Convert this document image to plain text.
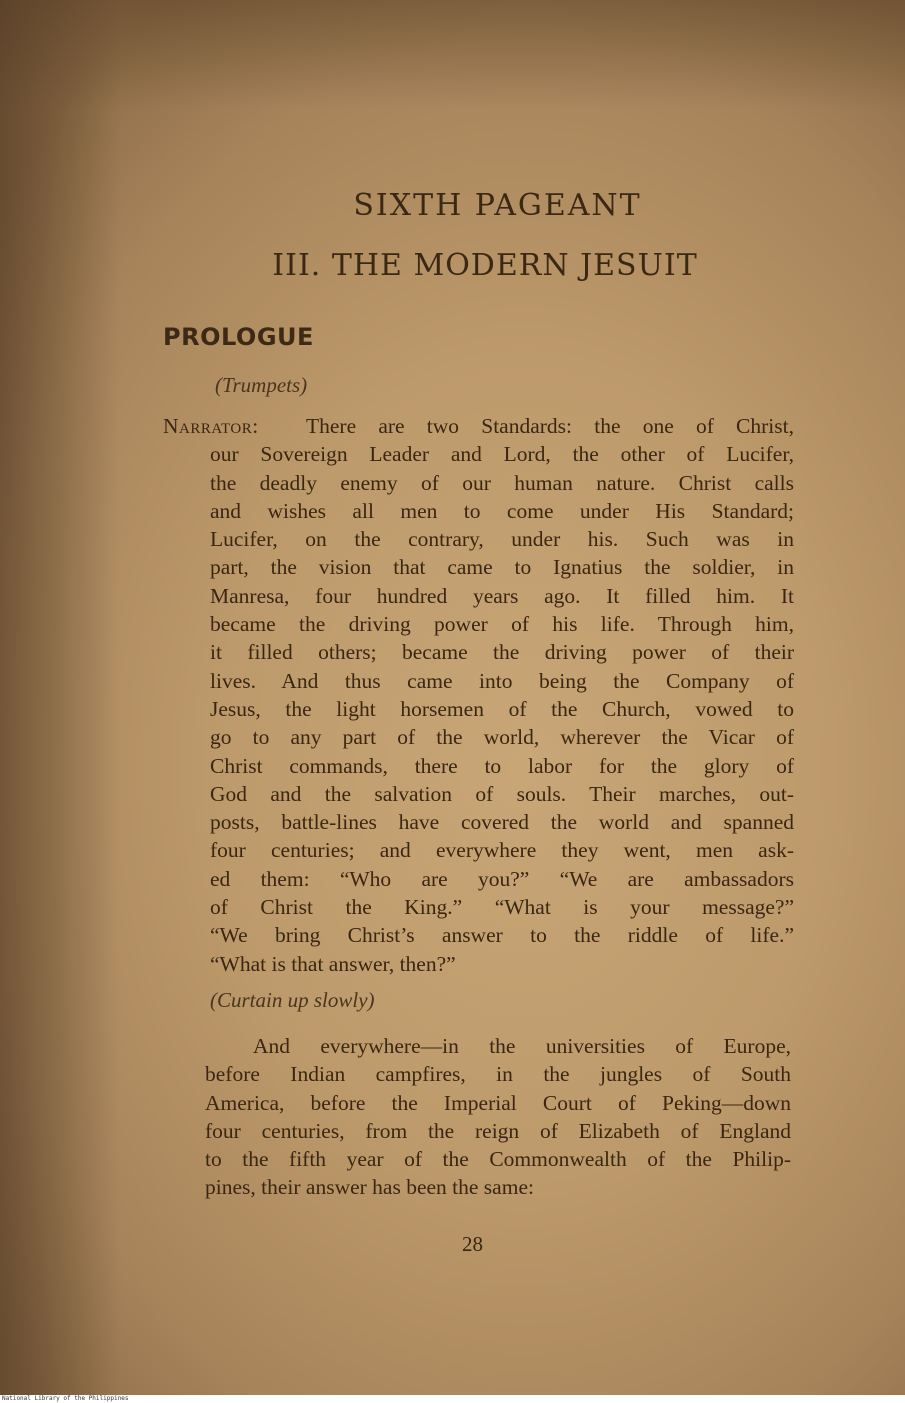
SIXTH PAGEANT
III. THE MODERN JESUIT
PROLOGUE
(Trumpets)
Narrator:	There are two Standards: the one of Christ,
our Sovereign Leader and Lord, the other of Lucifer,
the deadly enemy of our human nature. Christ calls
and wishes all men to come under His Standard;
Lucifer, on the contrary, under his. Such was in
part, the vision that came to Ignatius the soldier, in
Manresa, four hundred years ago. It filled him. It
became the driving power of his life. Through him,
it filled others; became the driving power of their
lives. And thus came into being the Company of
Jesus, the light horsemen of the Church, vowed to
go to any part of the world, wherever the Vicar of
Christ commands, there to labor for the glory of
God and the salvation of souls. Their marches, out-
posts, battle-lines have covered the world and spanned
four centuries; and everywhere they went, men ask-
ed them: “Who are you?” “We are ambassadors
of Christ the King.” “What is your message?”
“We bring Christ’s answer to the riddle of life.”
“What is that answer, then?”
(Curtain up slowly)
And everywhere—in the universities of Europe,
before Indian campfires, in the jungles of South
America, before the Imperial Court of Peking—down
four centuries, from the reign of Elizabeth of England
to the fifth year of the Commonwealth of the Philip-
pines, their answer has been the same:
28
National Library of the Philippines
